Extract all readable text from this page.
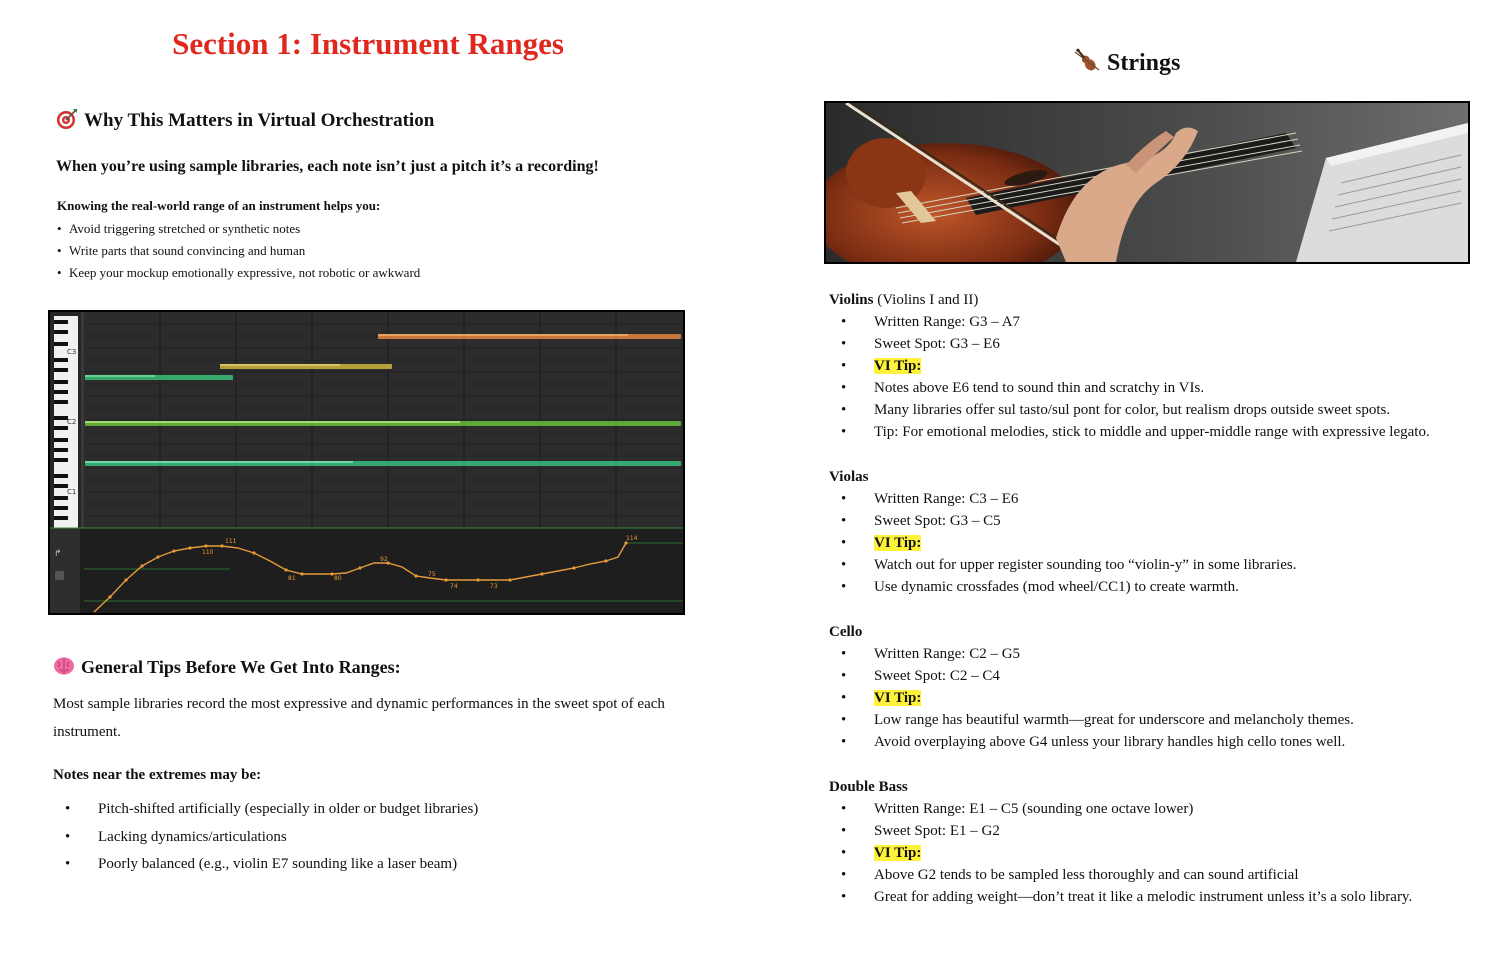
Section 1: Instrument Ranges
Why This Matters in Virtual Orchestration
When you’re using sample libraries, each note isn’t just a pitch it’s a recording!
Knowing the real-world range of an instrument helps you:
• Avoid triggering stretched or synthetic notes
• Write parts that sound convincing and human
• Keep your mockup emotionally expressive, not robotic or awkward
C3
C2
C1
110
111
81	80
92
75
74	73
114
↱
General Tips Before We Get Into Ranges:
Most sample libraries record the most expressive and dynamic performances in the sweet spot of each instrument.
Notes near the extremes may be:
• Pitch-shifted artificially (especially in older or budget libraries)
• Lacking dynamics/articulations
• Poorly balanced (e.g., violin E7 sounding like a laser beam)
Strings
Violins (Violins I and II)
• Written Range: G3 – A7
• Sweet Spot: G3 – E6
• VI Tip:
• Notes above E6 tend to sound thin and scratchy in VIs.
• Many libraries offer sul tasto/sul pont for color, but realism drops outside sweet spots.
• Tip: For emotional melodies, stick to middle and upper-middle range with expressive legato.
Violas
• Written Range: C3 – E6
• Sweet Spot: G3 – C5
• VI Tip:
• Watch out for upper register sounding too “violin-y” in some libraries.
• Use dynamic crossfades (mod wheel/CC1) to create warmth.
Cello
• Written Range: C2 – G5
• Sweet Spot: C2 – C4
• VI Tip:
• Low range has beautiful warmth—great for underscore and melancholy themes.
• Avoid overplaying above G4 unless your library handles high cello tones well.
Double Bass
• Written Range: E1 – C5 (sounding one octave lower)
• Sweet Spot: E1 – G2
• VI Tip:
• Above G2 tends to be sampled less thoroughly and can sound artificial
• Great for adding weight—don’t treat it like a melodic instrument unless it’s a solo library.
